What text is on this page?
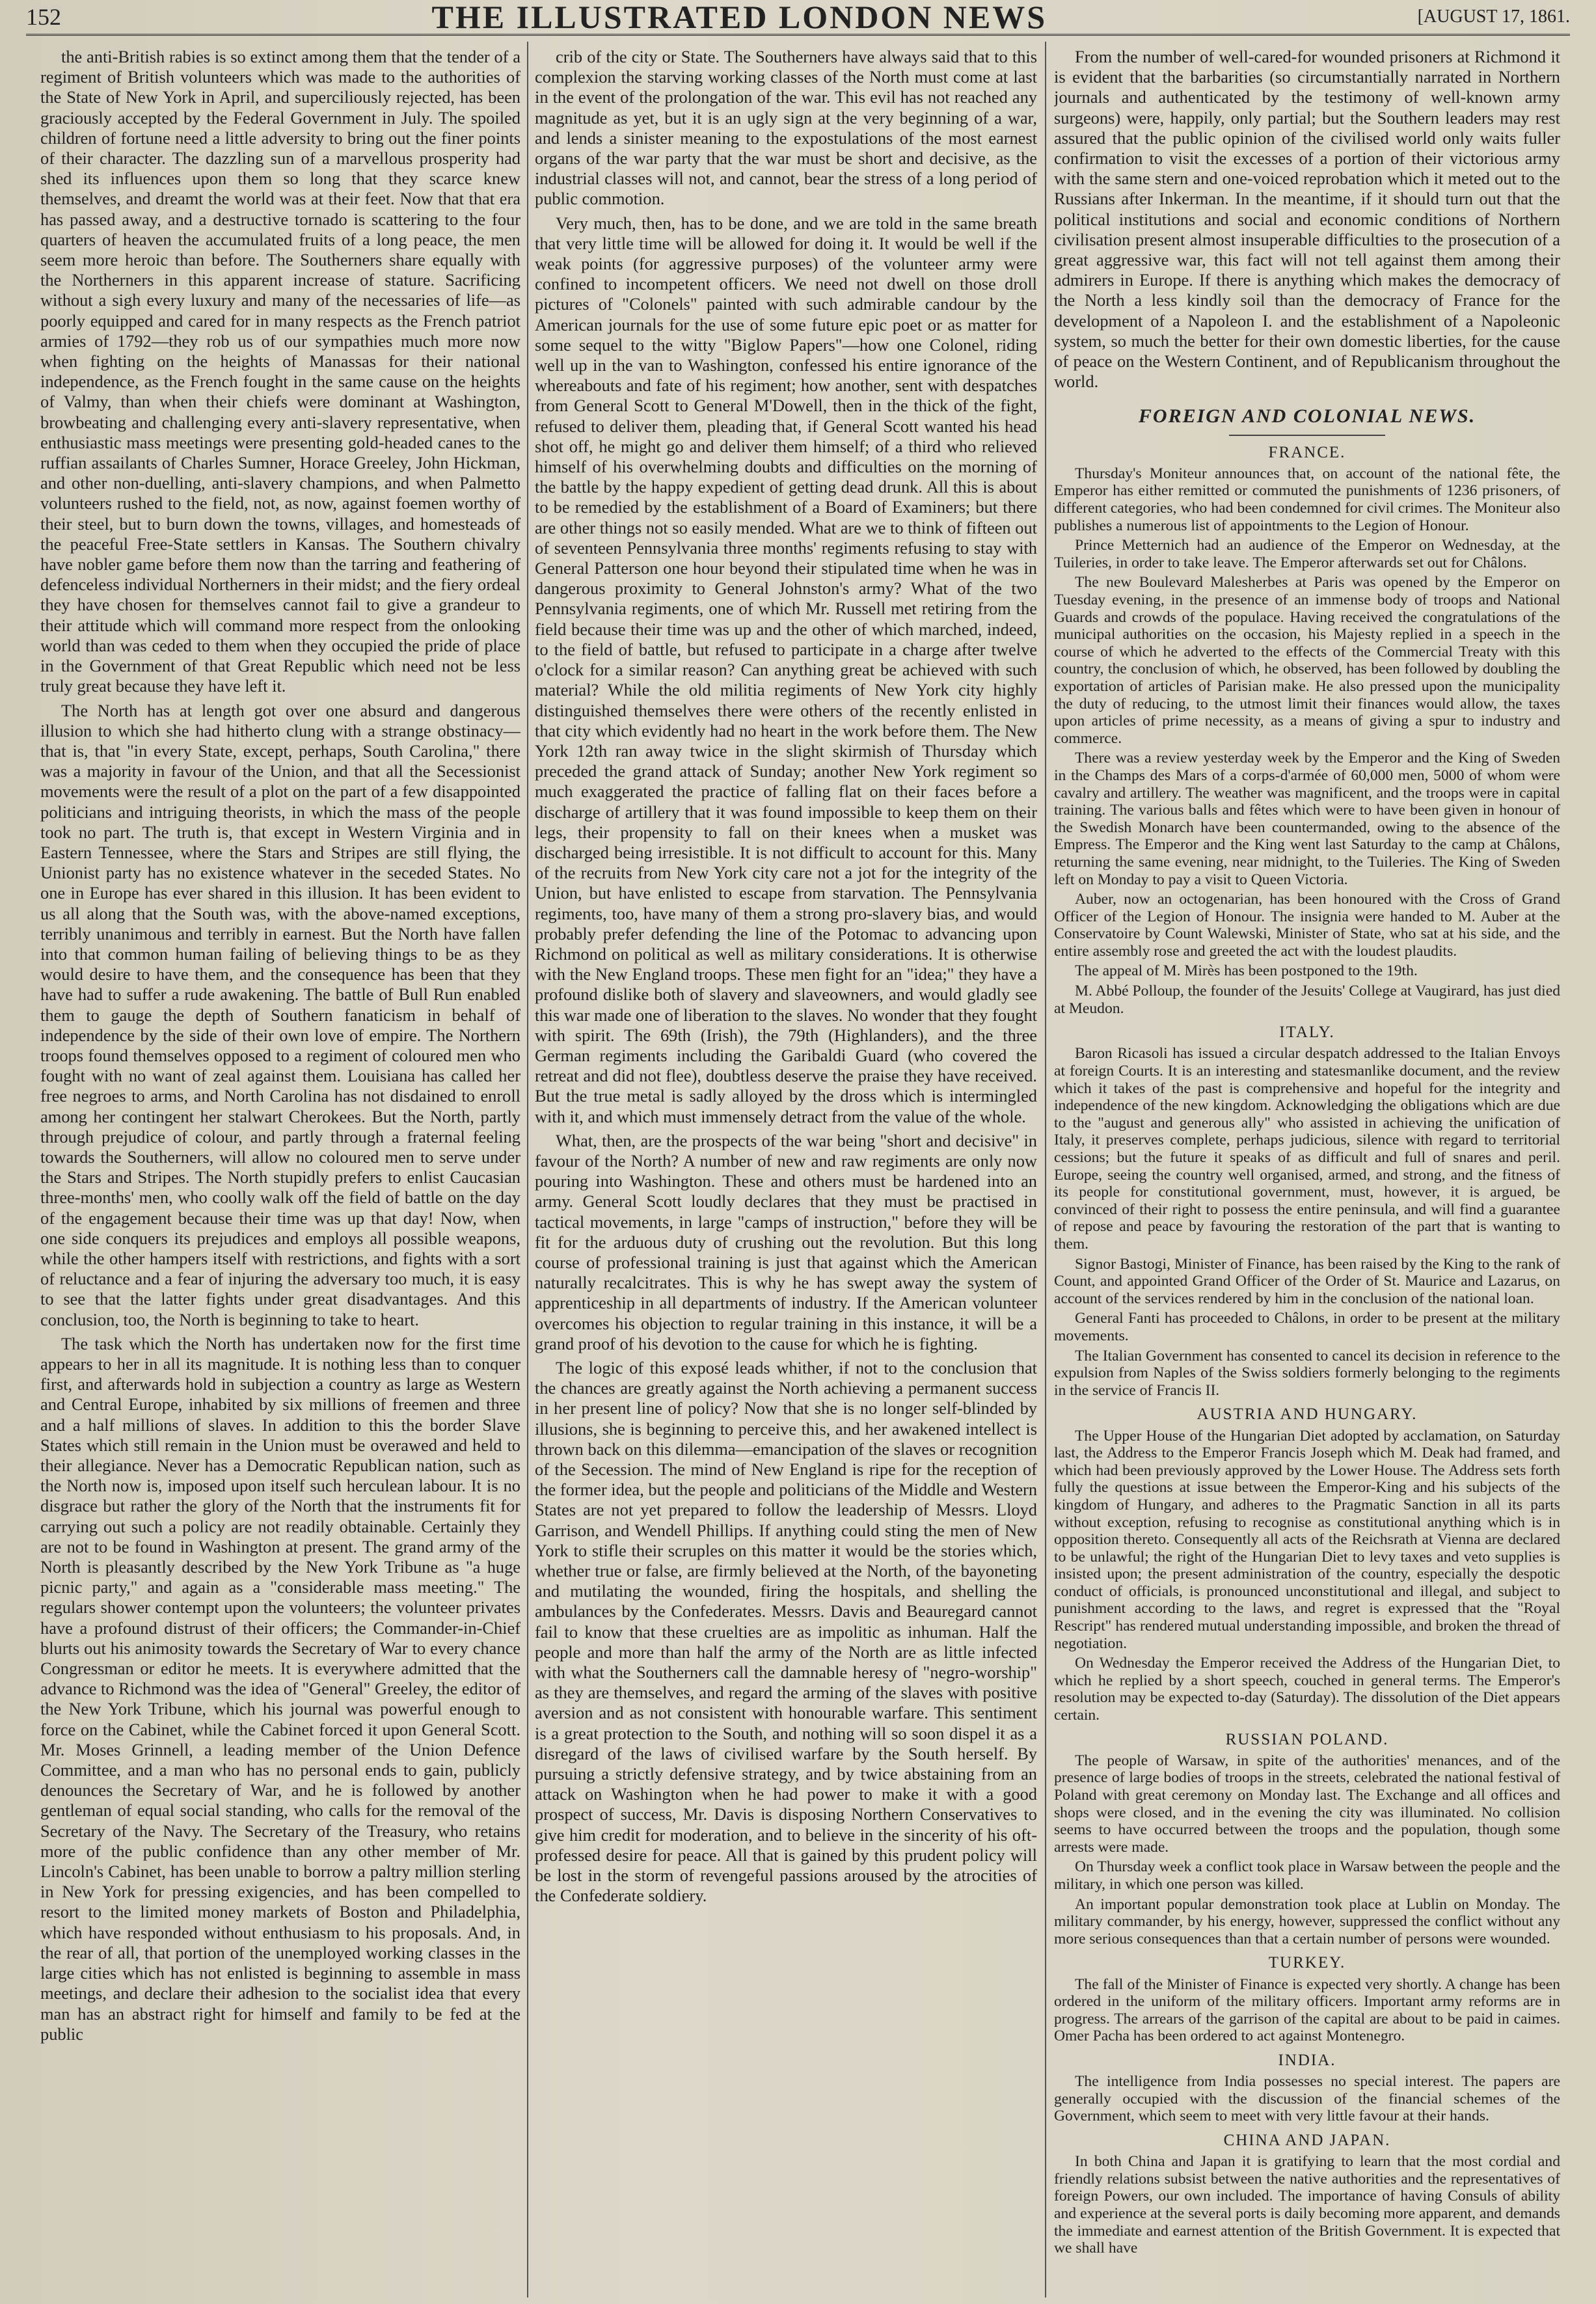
152	THE ILLUSTRATED LONDON NEWS	[AUGUST 17, 1861.

the anti-British rabies is so extinct among them that the tender of a regiment of British volunteers which was made to the authorities of the State of New York in April, and superciliously rejected, has been graciously accepted by the Federal Government in July. The spoiled children of fortune need a little adversity to bring out the finer points of their character. The dazzling sun of a marvellous prosperity had shed its influences upon them so long that they scarce knew themselves, and dreamt the world was at their feet. Now that that era has passed away, and a destructive tornado is scattering to the four quarters of heaven the accumulated fruits of a long peace, the men seem more heroic than before. The Southerners share equally with the Northerners in this apparent increase of stature. Sacrificing without a sigh every luxury and many of the necessaries of life—as poorly equipped and cared for in many respects as the French patriot armies of 1792—they rob us of our sympathies much more now when fighting on the heights of Manassas for their national independence, as the French fought in the same cause on the heights of Valmy, than when their chiefs were dominant at Washington, browbeating and challenging every anti-slavery representative, when enthusiastic mass meetings were presenting gold-headed canes to the ruffian assailants of Charles Sumner, Horace Greeley, John Hickman, and other non-duelling, anti-slavery champions, and when Palmetto volunteers rushed to the field, not, as now, against foemen worthy of their steel, but to burn down the towns, villages, and homesteads of the peaceful Free-State settlers in Kansas. The Southern chivalry have nobler game before them now than the tarring and feathering of defenceless individual Northerners in their midst; and the fiery ordeal they have chosen for themselves cannot fail to give a grandeur to their attitude which will command more respect from the onlooking world than was ceded to them when they occupied the pride of place in the Government of that Great Republic which need not be less truly great because they have left it.

The North has at length got over one absurd and dangerous illusion to which she had hitherto clung with a strange obstinacy—that is, that "in every State, except, perhaps, South Carolina," there was a majority in favour of the Union, and that all the Secessionist movements were the result of a plot on the part of a few disappointed politicians and intriguing theorists, in which the mass of the people took no part. The truth is, that except in Western Virginia and in Eastern Tennessee, where the Stars and Stripes are still flying, the Unionist party has no existence whatever in the seceded States. No one in Europe has ever shared in this illusion. It has been evident to us all along that the South was, with the above-named exceptions, terribly unanimous and terribly in earnest. But the North have fallen into that common human failing of believing things to be as they would desire to have them, and the consequence has been that they have had to suffer a rude awakening. The battle of Bull Run enabled them to gauge the depth of Southern fanaticism in behalf of independence by the side of their own love of empire. The Northern troops found themselves opposed to a regiment of coloured men who fought with no want of zeal against them. Louisiana has called her free negroes to arms, and North Carolina has not disdained to enroll among her contingent her stalwart Cherokees. But the North, partly through prejudice of colour, and partly through a fraternal feeling towards the Southerners, will allow no coloured men to serve under the Stars and Stripes. The North stupidly prefers to enlist Caucasian three-months' men, who coolly walk off the field of battle on the day of the engagement because their time was up that day! Now, when one side conquers its prejudices and employs all possible weapons, while the other hampers itself with restrictions, and fights with a sort of reluctance and a fear of injuring the adversary too much, it is easy to see that the latter fights under great disadvantages. And this conclusion, too, the North is beginning to take to heart.

The task which the North has undertaken now for the first time appears to her in all its magnitude. It is nothing less than to conquer first, and afterwards hold in subjection a country as large as Western and Central Europe, inhabited by six millions of freemen and three and a half millions of slaves. In addition to this the border Slave States which still remain in the Union must be overawed and held to their allegiance. Never has a Democratic Republican nation, such as the North now is, imposed upon itself such herculean labour. It is no disgrace but rather the glory of the North that the instruments fit for carrying out such a policy are not readily obtainable. Certainly they are not to be found in Washington at present. The grand army of the North is pleasantly described by the New York Tribune as "a huge picnic party," and again as a "considerable mass meeting." The regulars shower contempt upon the volunteers; the volunteer privates have a profound distrust of their officers; the Commander-in-Chief blurts out his animosity towards the Secretary of War to every chance Congressman or editor he meets. It is everywhere admitted that the advance to Richmond was the idea of "General" Greeley, the editor of the New York Tribune, which his journal was powerful enough to force on the Cabinet, while the Cabinet forced it upon General Scott. Mr. Moses Grinnell, a leading member of the Union Defence Committee, and a man who has no personal ends to gain, publicly denounces the Secretary of War, and he is followed by another gentleman of equal social standing, who calls for the removal of the Secretary of the Navy. The Secretary of the Treasury, who retains more of the public confidence than any other member of Mr. Lincoln's Cabinet, has been unable to borrow a paltry million sterling in New York for pressing exigencies, and has been compelled to resort to the limited money markets of Boston and Philadelphia, which have responded without enthusiasm to his proposals. And, in the rear of all, that portion of the unemployed working classes in the large cities which has not enlisted is beginning to assemble in mass meetings, and declare their adhesion to the socialist idea that every man has an abstract right for himself and family to be fed at the public

crib of the city or State. The Southerners have always said that to this complexion the starving working classes of the North must come at last in the event of the prolongation of the war. This evil has not reached any magnitude as yet, but it is an ugly sign at the very beginning of a war, and lends a sinister meaning to the expostulations of the most earnest organs of the war party that the war must be short and decisive, as the industrial classes will not, and cannot, bear the stress of a long period of public commotion.

Very much, then, has to be done, and we are told in the same breath that very little time will be allowed for doing it. It would be well if the weak points (for aggressive purposes) of the volunteer army were confined to incompetent officers. We need not dwell on those droll pictures of "Colonels" painted with such admirable candour by the American journals for the use of some future epic poet or as matter for some sequel to the witty "Biglow Papers"—how one Colonel, riding well up in the van to Washington, confessed his entire ignorance of the whereabouts and fate of his regiment; how another, sent with despatches from General Scott to General M'Dowell, then in the thick of the fight, refused to deliver them, pleading that, if General Scott wanted his head shot off, he might go and deliver them himself; of a third who relieved himself of his overwhelming doubts and difficulties on the morning of the battle by the happy expedient of getting dead drunk. All this is about to be remedied by the establishment of a Board of Examiners; but there are other things not so easily mended. What are we to think of fifteen out of seventeen Pennsylvania three months' regiments refusing to stay with General Patterson one hour beyond their stipulated time when he was in dangerous proximity to General Johnston's army? What of the two Pennsylvania regiments, one of which Mr. Russell met retiring from the field because their time was up and the other of which marched, indeed, to the field of battle, but refused to participate in a charge after twelve o'clock for a similar reason? Can anything great be achieved with such material? While the old militia regiments of New York city highly distinguished themselves there were others of the recently enlisted in that city which evidently had no heart in the work before them. The New York 12th ran away twice in the slight skirmish of Thursday which preceded the grand attack of Sunday; another New York regiment so much exaggerated the practice of falling flat on their faces before a discharge of artillery that it was found impossible to keep them on their legs, their propensity to fall on their knees when a musket was discharged being irresistible. It is not difficult to account for this. Many of the recruits from New York city care not a jot for the integrity of the Union, but have enlisted to escape from starvation. The Pennsylvania regiments, too, have many of them a strong pro-slavery bias, and would probably prefer defending the line of the Potomac to advancing upon Richmond on political as well as military considerations. It is otherwise with the New England troops. These men fight for an "idea;" they have a profound dislike both of slavery and slaveowners, and would gladly see this war made one of liberation to the slaves. No wonder that they fought with spirit. The 69th (Irish), the 79th (Highlanders), and the three German regiments including the Garibaldi Guard (who covered the retreat and did not flee), doubtless deserve the praise they have received. But the true metal is sadly alloyed by the dross which is intermingled with it, and which must immensely detract from the value of the whole.

What, then, are the prospects of the war being "short and decisive" in favour of the North? A number of new and raw regiments are only now pouring into Washington. These and others must be hardened into an army. General Scott loudly declares that they must be practised in tactical movements, in large "camps of instruction," before they will be fit for the arduous duty of crushing out the revolution. But this long course of professional training is just that against which the American naturally recalcitrates. This is why he has swept away the system of apprenticeship in all departments of industry. If the American volunteer overcomes his objection to regular training in this instance, it will be a grand proof of his devotion to the cause for which he is fighting.

The logic of this exposé leads whither, if not to the conclusion that the chances are greatly against the North achieving a permanent success in her present line of policy? Now that she is no longer self-blinded by illusions, she is beginning to perceive this, and her awakened intellect is thrown back on this dilemma—emancipation of the slaves or recognition of the Secession. The mind of New England is ripe for the reception of the former idea, but the people and politicians of the Middle and Western States are not yet prepared to follow the leadership of Messrs. Lloyd Garrison, and Wendell Phillips. If anything could sting the men of New York to stifle their scruples on this matter it would be the stories which, whether true or false, are firmly believed at the North, of the bayoneting and mutilating the wounded, firing the hospitals, and shelling the ambulances by the Confederates. Messrs. Davis and Beauregard cannot fail to know that these cruelties are as impolitic as inhuman. Half the people and more than half the army of the North are as little infected with what the Southerners call the damnable heresy of "negro-worship" as they are themselves, and regard the arming of the slaves with positive aversion and as not consistent with honourable warfare. This sentiment is a great protection to the South, and nothing will so soon dispel it as a disregard of the laws of civilised warfare by the South herself. By pursuing a strictly defensive strategy, and by twice abstaining from an attack on Washington when he had power to make it with a good prospect of success, Mr. Davis is disposing Northern Conservatives to give him credit for moderation, and to believe in the sincerity of his oft-professed desire for peace. All that is gained by this prudent policy will be lost in the storm of revengeful passions aroused by the atrocities of the Confederate soldiery.

From the number of well-cared-for wounded prisoners at Richmond it is evident that the barbarities (so circumstantially narrated in Northern journals and authenticated by the testimony of well-known army surgeons) were, happily, only partial; but the Southern leaders may rest assured that the public opinion of the civilised world only waits fuller confirmation to visit the excesses of a portion of their victorious army with the same stern and one-voiced reprobation which it meted out to the Russians after Inkerman. In the meantime, if it should turn out that the political institutions and social and economic conditions of Northern civilisation present almost insuperable difficulties to the prosecution of a great aggressive war, this fact will not tell against them among their admirers in Europe. If there is anything which makes the democracy of the North a less kindly soil than the democracy of France for the development of a Napoleon I. and the establishment of a Napoleonic system, so much the better for their own domestic liberties, for the cause of peace on the Western Continent, and of Republicanism throughout the world.

FOREIGN AND COLONIAL NEWS.
FRANCE.

Thursday's Moniteur announces that, on account of the national fête, the Emperor has either remitted or commuted the punishments of 1236 prisoners, of different categories, who had been condemned for civil crimes. The Moniteur also publishes a numerous list of appointments to the Legion of Honour.

Prince Metternich had an audience of the Emperor on Wednesday, at the Tuileries, in order to take leave. The Emperor afterwards set out for Châlons.

The new Boulevard Malesherbes at Paris was opened by the Emperor on Tuesday evening, in the presence of an immense body of troops and National Guards and crowds of the populace. Having received the congratulations of the municipal authorities on the occasion, his Majesty replied in a speech in the course of which he adverted to the effects of the Commercial Treaty with this country, the conclusion of which, he observed, has been followed by doubling the exportation of articles of Parisian make. He also pressed upon the municipality the duty of reducing, to the utmost limit their finances would allow, the taxes upon articles of prime necessity, as a means of giving a spur to industry and commerce.

There was a review yesterday week by the Emperor and the King of Sweden in the Champs des Mars of a corps-d'armée of 60,000 men, 5000 of whom were cavalry and artillery. The weather was magnificent, and the troops were in capital training. The various balls and fêtes which were to have been given in honour of the Swedish Monarch have been countermanded, owing to the absence of the Empress. The Emperor and the King went last Saturday to the camp at Châlons, returning the same evening, near midnight, to the Tuileries. The King of Sweden left on Monday to pay a visit to Queen Victoria.

Auber, now an octogenarian, has been honoured with the Cross of Grand Officer of the Legion of Honour. The insignia were handed to M. Auber at the Conservatoire by Count Walewski, Minister of State, who sat at his side, and the entire assembly rose and greeted the act with the loudest plaudits.

The appeal of M. Mirès has been postponed to the 19th.

M. Abbé Polloup, the founder of the Jesuits' College at Vaugirard, has just died at Meudon.

ITALY.

Baron Ricasoli has issued a circular despatch addressed to the Italian Envoys at foreign Courts. It is an interesting and statesmanlike document, and the review which it takes of the past is comprehensive and hopeful for the integrity and independence of the new kingdom. Acknowledging the obligations which are due to the "august and generous ally" who assisted in achieving the unification of Italy, it preserves complete, perhaps judicious, silence with regard to territorial cessions; but the future it speaks of as difficult and full of snares and peril. Europe, seeing the country well organised, armed, and strong, and the fitness of its people for constitutional government, must, however, it is argued, be convinced of their right to possess the entire peninsula, and will find a guarantee of repose and peace by favouring the restoration of the part that is wanting to them.

Signor Bastogi, Minister of Finance, has been raised by the King to the rank of Count, and appointed Grand Officer of the Order of St. Maurice and Lazarus, on account of the services rendered by him in the conclusion of the national loan.

General Fanti has proceeded to Châlons, in order to be present at the military movements.

The Italian Government has consented to cancel its decision in reference to the expulsion from Naples of the Swiss soldiers formerly belonging to the regiments in the service of Francis II.

AUSTRIA AND HUNGARY.

The Upper House of the Hungarian Diet adopted by acclamation, on Saturday last, the Address to the Emperor Francis Joseph which M. Deak had framed, and which had been previously approved by the Lower House. The Address sets forth fully the questions at issue between the Emperor-King and his subjects of the kingdom of Hungary, and adheres to the Pragmatic Sanction in all its parts without exception, refusing to recognise as constitutional anything which is in opposition thereto. Consequently all acts of the Reichsrath at Vienna are declared to be unlawful; the right of the Hungarian Diet to levy taxes and veto supplies is insisted upon; the present administration of the country, especially the despotic conduct of officials, is pronounced unconstitutional and illegal, and subject to punishment according to the laws, and regret is expressed that the "Royal Rescript" has rendered mutual understanding impossible, and broken the thread of negotiation.

On Wednesday the Emperor received the Address of the Hungarian Diet, to which he replied by a short speech, couched in general terms. The Emperor's resolution may be expected to-day (Saturday). The dissolution of the Diet appears certain.

RUSSIAN POLAND.

The people of Warsaw, in spite of the authorities' menances, and of the presence of large bodies of troops in the streets, celebrated the national festival of Poland with great ceremony on Monday last. The Exchange and all offices and shops were closed, and in the evening the city was illuminated. No collision seems to have occurred between the troops and the population, though some arrests were made.

On Thursday week a conflict took place in Warsaw between the people and the military, in which one person was killed.

An important popular demonstration took place at Lublin on Monday. The military commander, by his energy, however, suppressed the conflict without any more serious consequences than that a certain number of persons were wounded.

TURKEY.

The fall of the Minister of Finance is expected very shortly. A change has been ordered in the uniform of the military officers. Important army reforms are in progress. The arrears of the garrison of the capital are about to be paid in caimes. Omer Pacha has been ordered to act against Montenegro.

INDIA.

The intelligence from India possesses no special interest. The papers are generally occupied with the discussion of the financial schemes of the Government, which seem to meet with very little favour at their hands.

CHINA AND JAPAN.

In both China and Japan it is gratifying to learn that the most cordial and friendly relations subsist between the native authorities and the representatives of foreign Powers, our own included. The importance of having Consuls of ability and experience at the several ports is daily becoming more apparent, and demands the immediate and earnest attention of the British Government. It is expected that we shall have
